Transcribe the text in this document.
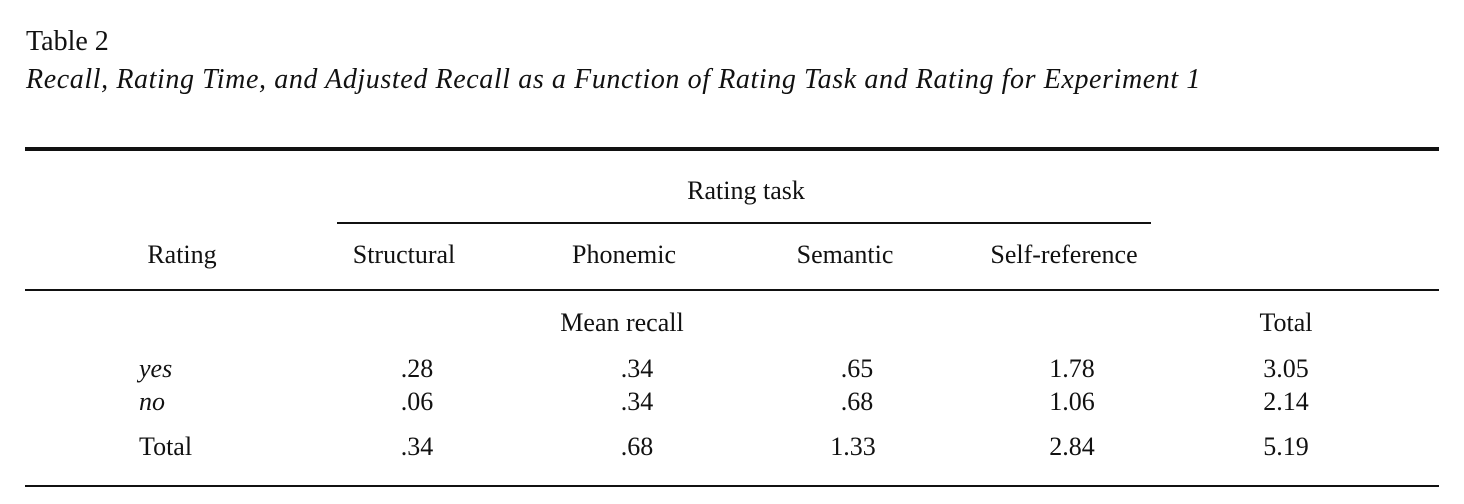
Table 2
Recall, Rating Time, and Adjusted Recall as a Function of Rating Task and Rating for Experiment 1
Rating task
Rating	Structural	Phonemic	Semantic	Self-reference
Mean recall	Total
yes	.28	.34	.65	1.78	3.05
no	.06	.34	.68	1.06	2.14
Total	.34	.68	1.33	2.84	5.19
